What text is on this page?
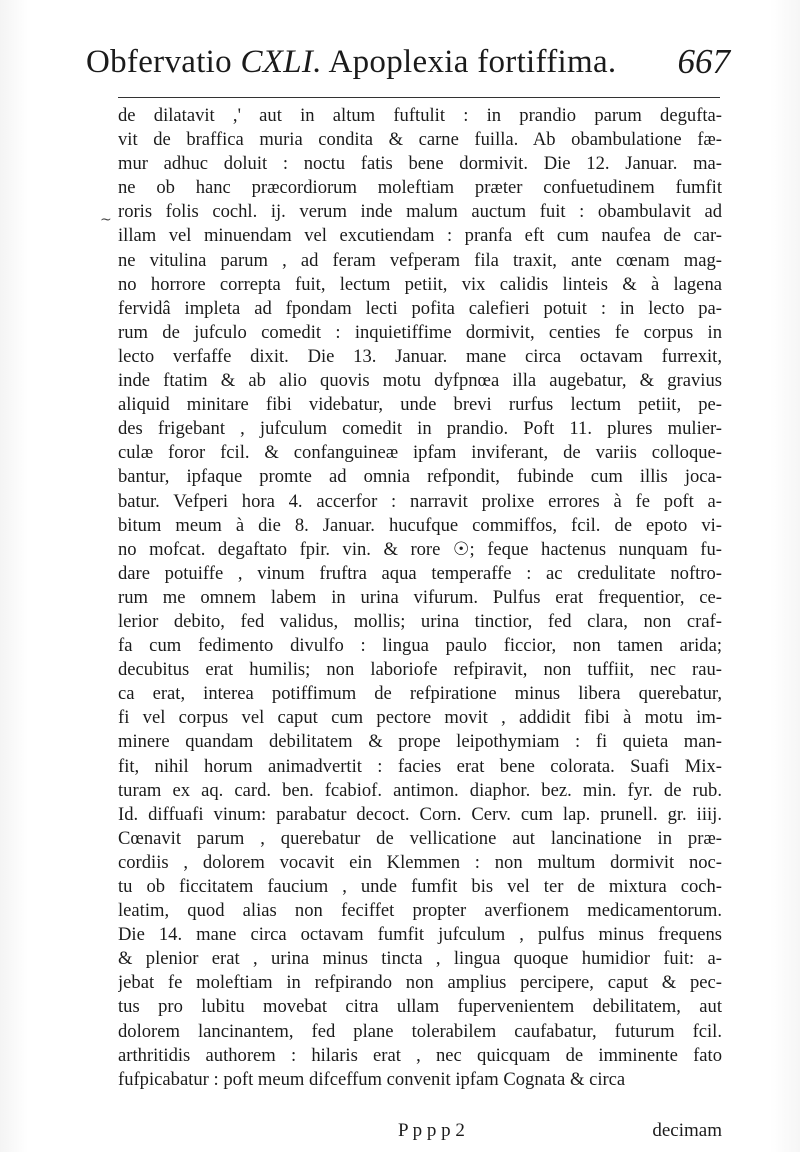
Obfervatio CXLI. Apoplexia fortiffima. 667
~
de dilatavit ,' aut in altum fuftulit : in prandio parum degufta-
vit de braffica muria condita & carne fuilla. Ab obambulatione fæ-
mur adhuc doluit : noctu fatis bene dormivit. Die 12. Januar. ma-
ne ob hanc præcordiorum moleftiam præter confuetudinem fumfit
roris folis cochl. ij. verum inde malum auctum fuit : obambulavit ad
illam vel minuendam vel excutiendam : pranfa eft cum naufea de car-
ne vitulina parum , ad feram vefperam fila traxit, ante cœnam mag-
no horrore correpta fuit, lectum petiit, vix calidis linteis & à lagena
fervidâ impleta ad fpondam lecti pofita calefieri potuit : in lecto pa-
rum de jufculo comedit : inquietiffime dormivit, centies fe corpus in
lecto verfaffe dixit. Die 13. Januar. mane circa octavam furrexit,
inde ftatim & ab alio quovis motu dyfpnœa illa augebatur, & gravius
aliquid minitare fibi videbatur, unde brevi rurfus lectum petiit, pe-
des frigebant , jufculum comedit in prandio. Poft 11. plures mulier-
culæ foror fcil. & confanguineæ ipfam inviferant, de variis colloque-
bantur, ipfaque promte ad omnia refpondit, fubinde cum illis joca-
batur. Vefperi hora 4. accerfor : narravit prolixe errores à fe poft a-
bitum meum à die 8. Januar. hucufque commiffos, fcil. de epoto vi-
no mofcat. degaftato fpir. vin. & rore ☉; feque hactenus nunquam fu-
dare potuiffe , vinum fruftra aqua temperaffe : ac credulitate noftro-
rum me omnem labem in urina vifurum. Pulfus erat frequentior, ce-
lerior debito, fed validus, mollis; urina tinctior, fed clara, non craf-
fa cum fedimento divulfo : lingua paulo ficcior, non tamen arida;
decubitus erat humilis; non laboriofe refpiravit, non tuffiit, nec rau-
ca erat, interea potiffimum de refpiratione minus libera querebatur,
fi vel corpus vel caput cum pectore movit , addidit fibi à motu im-
minere quandam debilitatem & prope leipothymiam : fi quieta man-
fit, nihil horum animadvertit : facies erat bene colorata. Suafi Mix-
turam ex aq. card. ben. fcabiof. antimon. diaphor. bez. min. fyr. de rub.
Id. diffuafi vinum: parabatur decoct. Corn. Cerv. cum lap. prunell. gr. iiij.
Cœnavit parum , querebatur de vellicatione aut lancinatione in præ-
cordiis , dolorem vocavit ein Klemmen : non multum dormivit noc-
tu ob ficcitatem faucium , unde fumfit bis vel ter de mixtura coch-
leatim, quod alias non feciffet propter averfionem medicamentorum.
Die 14. mane circa octavam fumfit jufculum , pulfus minus frequens
& plenior erat , urina minus tincta , lingua quoque humidior fuit: a-
jebat fe moleftiam in refpirando non amplius percipere, caput & pec-
tus pro lubitu movebat citra ullam fupervenientem debilitatem, aut
dolorem lancinantem, fed plane tolerabilem caufabatur, futurum fcil.
arthritidis authorem : hilaris erat , nec quicquam de imminente fato
fufpicabatur : poft meum difceffum convenit ipfam Cognata & circa
P p p p 2	decimam
